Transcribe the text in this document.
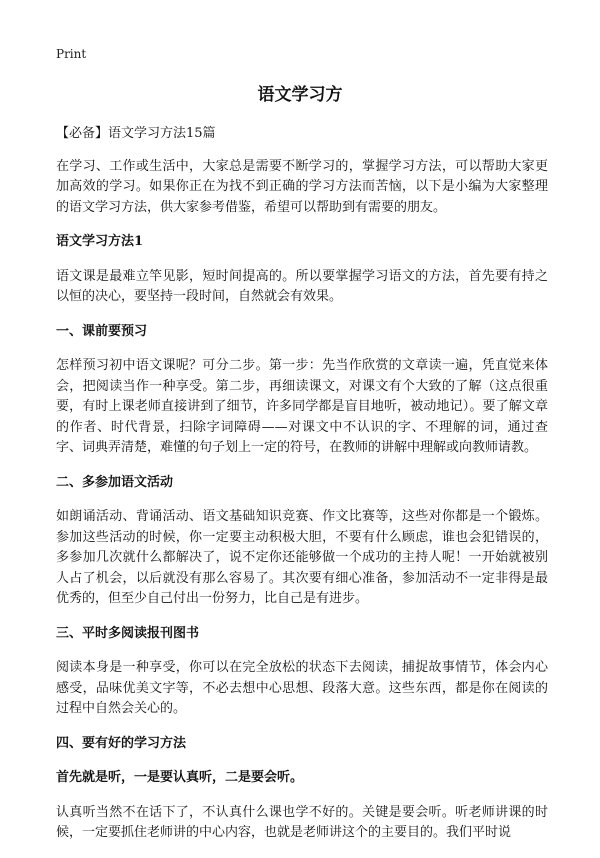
Print
语文学习方

【必备】语文学习方法15篇

在学习、工作或生活中，大家总是需要不断学习的，掌握学习方法，可以帮助大家更加高效的学习。如果你正在为找不到正确的学习方法而苦恼，以下是小编为大家整理的语文学习方法，供大家参考借鉴，希望可以帮助到有需要的朋友。

语文学习方法1

语文课是最难立竿见影，短时间提高的。所以要掌握学习语文的方法，首先要有持之以恒的决心，要坚持一段时间，自然就会有效果。

一、课前要预习

怎样预习初中语文课呢？可分二步。第一步：先当作欣赏的文章读一遍，凭直觉来体会，把阅读当作一种享受。第二步，再细读课文，对课文有个大致的了解（这点很重要，有时上课老师直接讲到了细节，许多同学都是盲目地听，被动地记）。要了解文章的作者、时代背景，扫除字词障碍——对课文中不认识的字、不理解的词，通过查字、词典弄清楚，难懂的句子划上一定的符号，在教师的讲解中理解或向教师请教。

二、多参加语文活动

如朗诵活动、背诵活动、语文基础知识竞赛、作文比赛等，这些对你都是一个锻炼。参加这些活动的时候，你一定要主动积极大胆，不要有什么顾虑，谁也会犯错误的，多参加几次就什么都解决了，说不定你还能够做一个成功的主持人呢！一开始就被别人占了机会，以后就没有那么容易了。其次要有细心准备，参加活动不一定非得是最优秀的，但至少自己付出一份努力，比自己是有进步。

三、平时多阅读报刊图书

阅读本身是一种享受，你可以在完全放松的状态下去阅读，捕捉故事情节，体会内心感受，品味优美文字等，不必去想中心思想、段落大意。这些东西，都是你在阅读的过程中自然会关心的。

四、要有好的学习方法

首先就是听，一是要认真听，二是要会听。

认真听当然不在话下了，不认真什么课也学不好的。关键是要会听。听老师讲课的时候，一定要抓住老师讲的中心内容，也就是老师讲这个的主要目的。我们平时说
